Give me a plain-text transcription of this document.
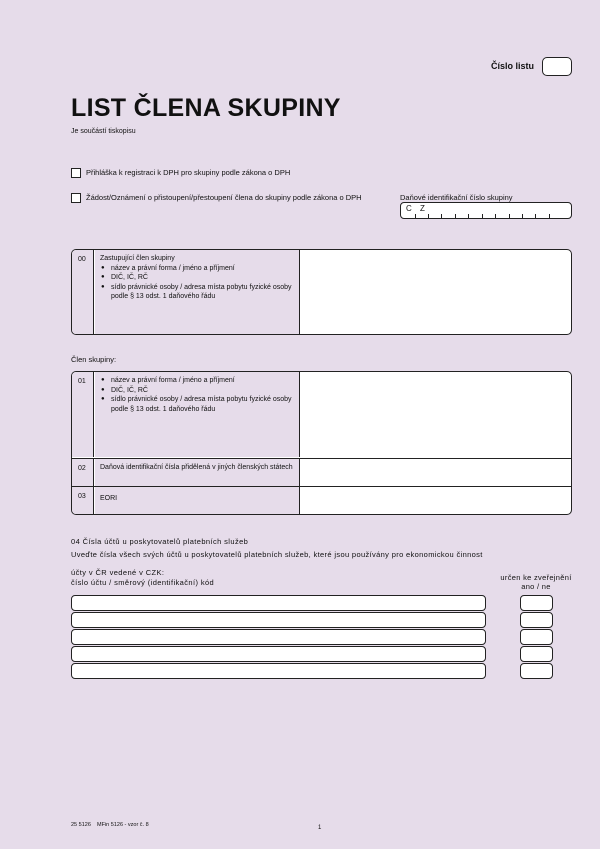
Číslo listu
LIST ČLENA SKUPINY
Je součástí tiskopisu
Přihláška k registraci k DPH pro skupiny podle zákona o DPH
Žádost/Oznámení o přistoupení/přestoupení člena do skupiny podle zákona o DPH	Daňové identifikační číslo skupiny
C Z
00	Zastupující člen skupiny
● název a právní forma / jméno a příjmení
● DIČ, IČ, RČ
● sídlo právnické osoby / adresa místa pobytu fyzické osoby podle § 13 odst. 1 daňového řádu
Člen skupiny:
01
●	název a právní forma / jméno a příjmení
● DIČ, IČ, RČ
● sídlo právnické osoby / adresa místa pobytu fyzické osoby podle § 13 odst. 1 daňového řádu
02	Daňová identifikační čísla přidělená v jiných členských státech
03	EORI
04 Čísla účtů u poskytovatelů platebních služeb
Uveďte čísla všech svých účtů u poskytovatelů platebních služeb, které jsou používány pro ekonomickou činnost
účty v ČR vedené v CZK:
číslo účtu / směrový (identifikační) kód
určen ke zveřejnění
ano / ne
25 5126 MFin 5126 - vzor č. 8	1
